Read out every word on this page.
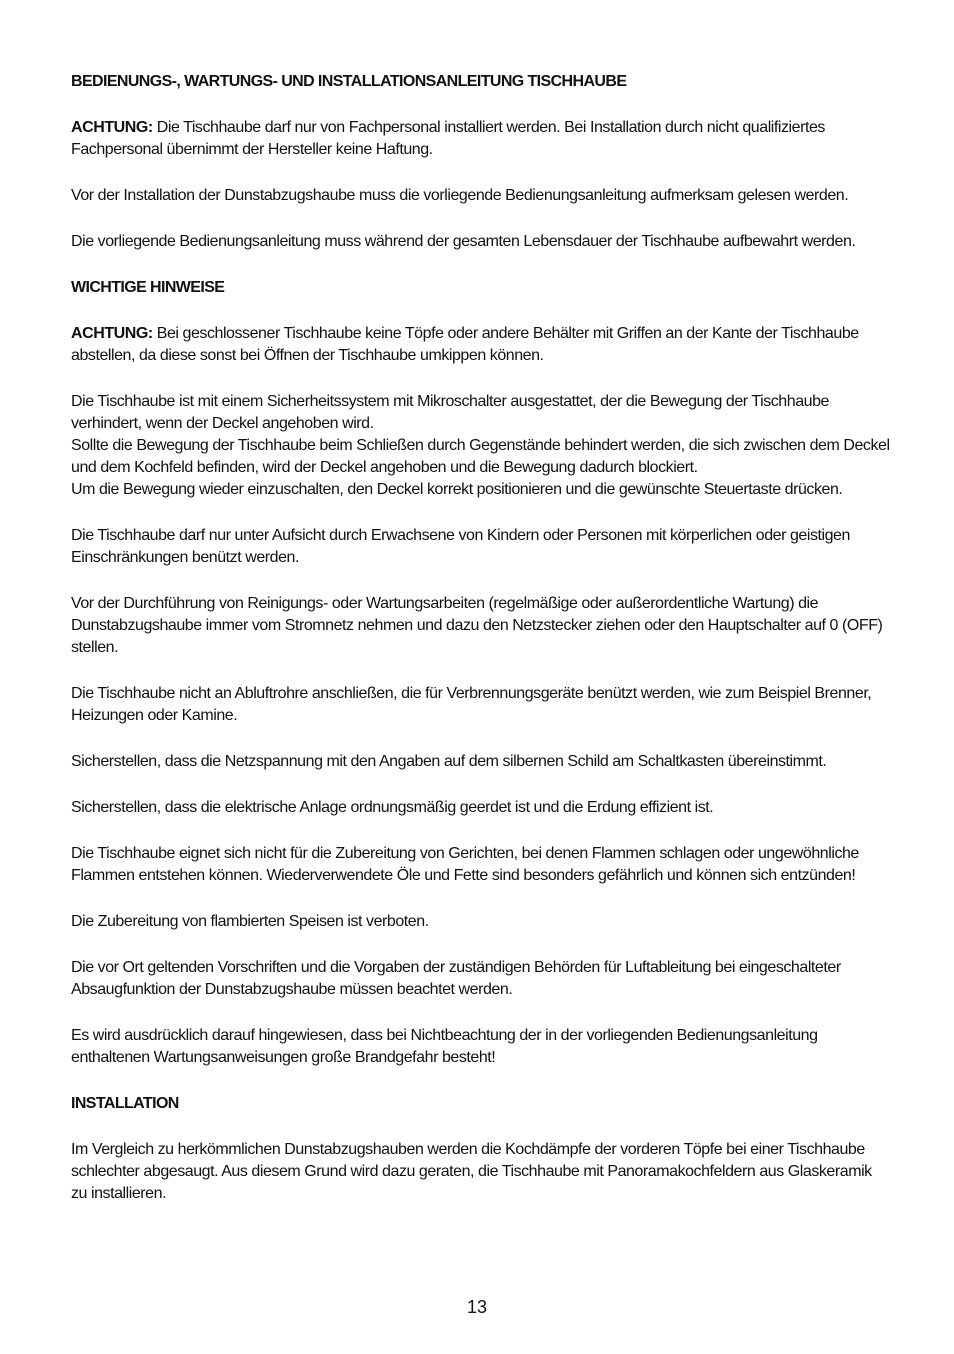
BEDIENUNGS-, WARTUNGS- UND INSTALLATIONSANLEITUNG TISCHHAUBE

ACHTUNG: Die Tischhaube darf nur von Fachpersonal installiert werden. Bei Installation durch nicht qualifiziertes Fachpersonal übernimmt der Hersteller keine Haftung.

Vor der Installation der Dunstabzugshaube muss die vorliegende Bedienungsanleitung aufmerksam gelesen werden.

Die vorliegende Bedienungsanleitung muss während der gesamten Lebensdauer der Tischhaube aufbewahrt werden.

WICHTIGE HINWEISE

ACHTUNG: Bei geschlossener Tischhaube keine Töpfe oder andere Behälter mit Griffen an der Kante der Tischhaube abstellen, da diese sonst bei Öffnen der Tischhaube umkippen können.

Die Tischhaube ist mit einem Sicherheitssystem mit Mikroschalter ausgestattet, der die Bewegung der Tischhaube verhindert, wenn der Deckel angehoben wird.

Sollte die Bewegung der Tischhaube beim Schließen durch Gegenstände behindert werden, die sich zwischen dem Deckel und dem Kochfeld befinden, wird der Deckel angehoben und die Bewegung dadurch blockiert.

Um die Bewegung wieder einzuschalten, den Deckel korrekt positionieren und die gewünschte Steuertaste drücken.

Die Tischhaube darf nur unter Aufsicht durch Erwachsene von Kindern oder Personen mit körperlichen oder geistigen Einschränkungen benützt werden.

Vor der Durchführung von Reinigungs- oder Wartungsarbeiten (regelmäßige oder außerordentliche Wartung) die Dunstabzugshaube immer vom Stromnetz nehmen und dazu den Netzstecker ziehen oder den Hauptschalter auf 0 (OFF) stellen.

Die Tischhaube nicht an Abluftrohre anschließen, die für Verbrennungsgeräte benützt werden, wie zum Beispiel Brenner, Heizungen oder Kamine.

Sicherstellen, dass die Netzspannung mit den Angaben auf dem silbernen Schild am Schaltkasten übereinstimmt.

Sicherstellen, dass die elektrische Anlage ordnungsmäßig geerdet ist und die Erdung effizient ist.

Die Tischhaube eignet sich nicht für die Zubereitung von Gerichten, bei denen Flammen schlagen oder ungewöhnliche Flammen entstehen können. Wiederverwendete Öle und Fette sind besonders gefährlich und können sich entzünden!

Die Zubereitung von flambierten Speisen ist verboten.

Die vor Ort geltenden Vorschriften und die Vorgaben der zuständigen Behörden für Luftableitung bei eingeschalteter Absaugfunktion der Dunstabzugshaube müssen beachtet werden.

Es wird ausdrücklich darauf hingewiesen, dass bei Nichtbeachtung der in der vorliegenden Bedienungsanleitung enthaltenen Wartungsanweisungen große Brandgefahr besteht!

INSTALLATION

Im Vergleich zu herkömmlichen Dunstabzugshauben werden die Kochdämpfe der vorderen Töpfe bei einer Tischhaube schlechter abgesaugt. Aus diesem Grund wird dazu geraten, die Tischhaube mit Panoramakochfeldern aus Glaskeramik zu installieren.

13
